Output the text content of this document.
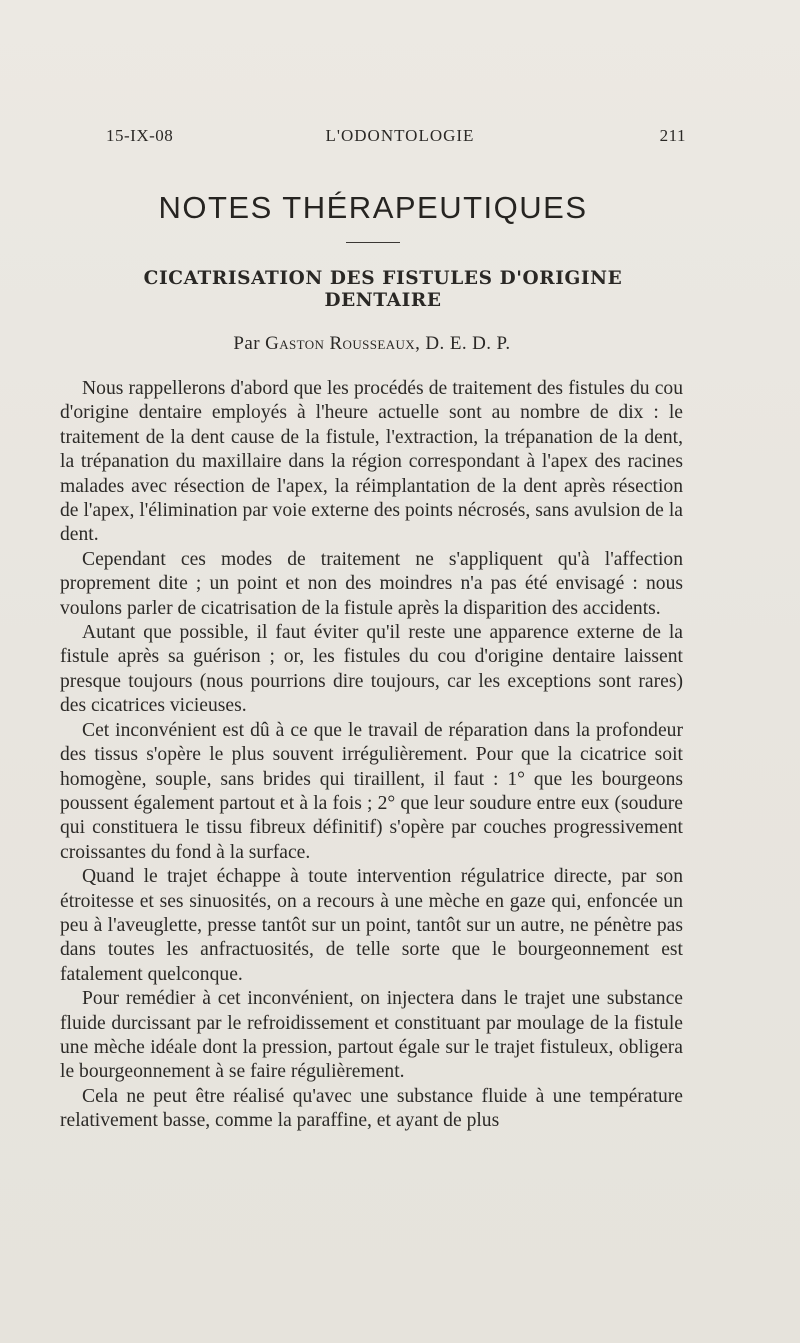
15-IX-08	L'ODONTOLOGIE	211
NOTES THÉRAPEUTIQUES
CICATRISATION DES FISTULES D'ORIGINE DENTAIRE
Par Gaston Rousseaux, D. E. D. P.

Nous rappellerons d'abord que les procédés de traitement des fistules du cou d'origine dentaire employés à l'heure actuelle sont au nombre de dix : le traitement de la dent cause de la fistule, l'extraction, la trépanation de la dent, la trépanation du maxillaire dans la région correspondant à l'apex des racines malades avec résection de l'apex, la réimplantation de la dent après résection de l'apex, l'élimination par voie externe des points nécrosés, sans avulsion de la dent.

Cependant ces modes de traitement ne s'appliquent qu'à l'affection proprement dite ; un point et non des moindres n'a pas été envisagé : nous voulons parler de cicatrisation de la fistule après la disparition des accidents.

Autant que possible, il faut éviter qu'il reste une apparence externe de la fistule après sa guérison ; or, les fistules du cou d'origine dentaire laissent presque toujours (nous pourrions dire toujours, car les exceptions sont rares) des cicatrices vicieuses.

Cet inconvénient est dû à ce que le travail de réparation dans la profondeur des tissus s'opère le plus souvent irrégulièrement. Pour que la cicatrice soit homogène, souple, sans brides qui tiraillent, il faut : 1° que les bourgeons poussent également partout et à la fois ; 2° que leur soudure entre eux (soudure qui constituera le tissu fibreux définitif) s'opère par couches progressivement croissantes du fond à la surface.

Quand le trajet échappe à toute intervention régulatrice directe, par son étroitesse et ses sinuosités, on a recours à une mèche en gaze qui, enfoncée un peu à l'aveuglette, presse tantôt sur un point, tantôt sur un autre, ne pénètre pas dans toutes les anfractuosités, de telle sorte que le bourgeonnement est fatalement quelconque.

Pour remédier à cet inconvénient, on injectera dans le trajet une substance fluide durcissant par le refroidissement et constituant par moulage de la fistule une mèche idéale dont la pression, partout égale sur le trajet fistuleux, obligera le bourgeonnement à se faire régulièrement.

Cela ne peut être réalisé qu'avec une substance fluide à une température relativement basse, comme la paraffine, et ayant de plus
